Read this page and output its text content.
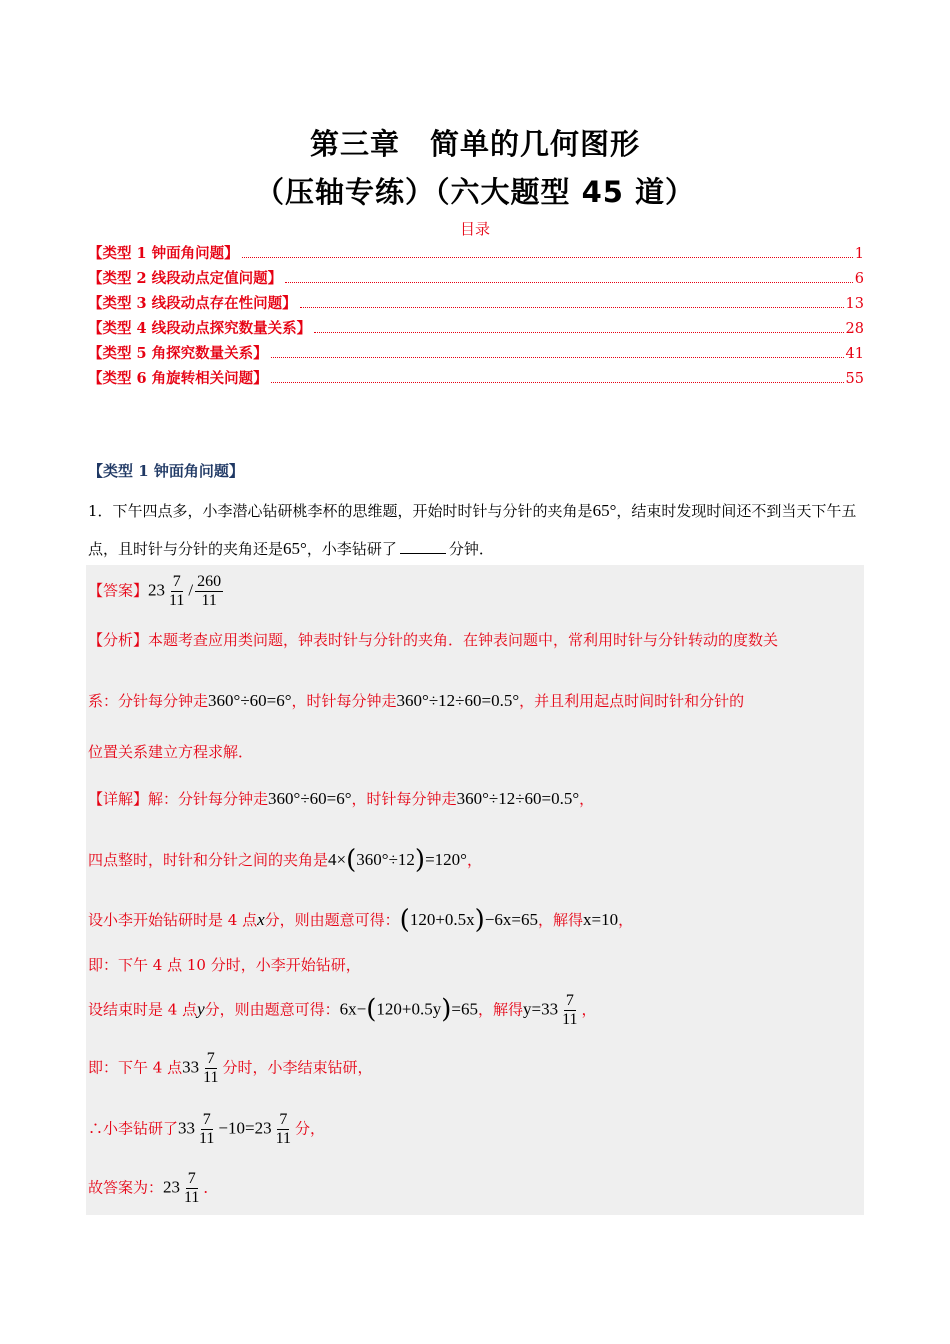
第三章　简单的几何图形
（压轴专练）（六大题型 45 道）
目录
【类型 1 钟面角问题】	1
【类型 2 线段动点定值问题】	6
【类型 3 线段动点存在性问题】	13
【类型 4 线段动点探究数量关系】	28
【类型 5 角探究数量关系】	41
【类型 6 角旋转相关问题】	55
【类型 1 钟面角问题】
1．下午四点多，小李潜心钻研桃李杯的思维题，开始时时针与分针的夹角是65°，结束时发现时间还不到当天下午五点，且时针与分针的夹角还是65°，小李钻研了	分钟．
【答案】$23 \frac{7}{11} / \frac{260}{11}$
【分析】本题考查应用类问题，钟表时针与分针的夹角．在钟表问题中，常利用时针与分针转动的度数关
系：分针每分钟走360°÷60=6°，时针每分钟走360°÷12÷60=0.5°，并且利用起点时间时针和分针的
位置关系建立方程求解．
【详解】解：分针每分钟走360°÷60=6°，时针每分钟走360°÷12÷60=0.5°，
四点整时，时针和分针之间的夹角是4×(360°÷12)=120°，
设小李开始钻研时是 4 点x分，则由题意可得：(120+0.5x)−6x=65，解得x=10，
即：下午 4 点 10 分时，小李开始钻研，
设结束时是 4 点y分，则由题意可得：6x−(120+0.5y)=65，解得$y=33 \frac{7}{11}$ ，
即：下午 4 点$33 \frac{7}{11}$ 分时，小李结束钻研，
∴小李钻研了$33 \frac{7}{11} -10=23 \frac{7}{11}$ 分，
故答案为：$23 \frac{7}{11}$ ．
